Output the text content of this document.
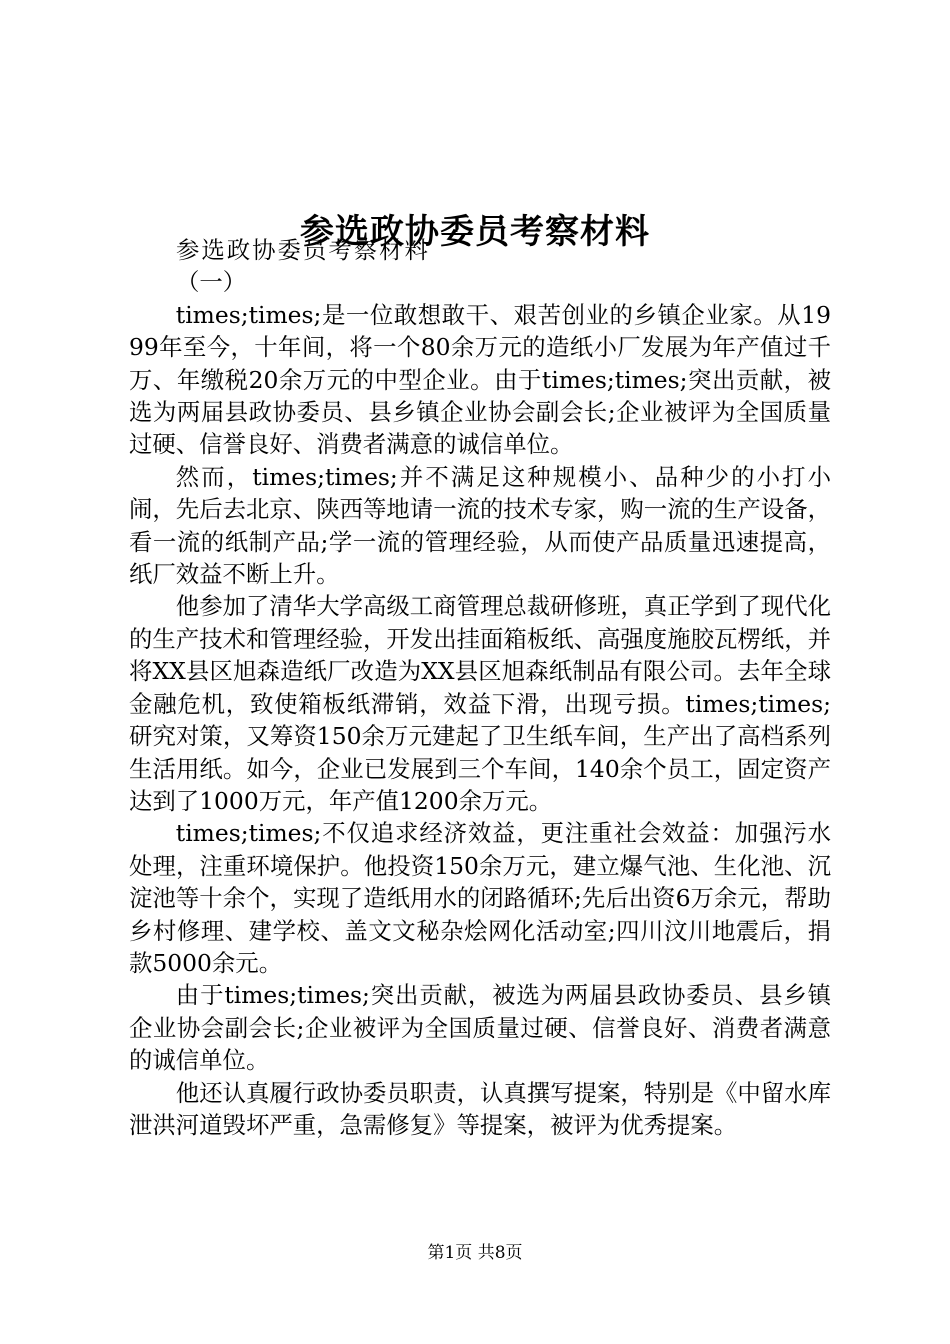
参选政协委员考察材料

参选政协委员考察材料

（一）

times;times;是一位敢想敢干、艰苦创业的乡镇企业家。从1999年至今，十年间，将一个80余万元的造纸小厂发展为年产值过千万、年缴税20余万元的中型企业。由于times;times;突出贡献，被选为两届县政协委员、县乡镇企业协会副会长;企业被评为全国质量过硬、信誉良好、消费者满意的诚信单位。

然而，times;times;并不满足这种规模小、品种少的小打小闹，先后去北京、陕西等地请一流的技术专家，购一流的生产设备，看一流的纸制产品;学一流的管理经验，从而使产品质量迅速提高，纸厂效益不断上升。

他参加了清华大学高级工商管理总裁研修班，真正学到了现代化的生产技术和管理经验，开发出挂面箱板纸、高强度施胶瓦楞纸，并将XX县区旭森造纸厂改造为XX县区旭森纸制品有限公司。去年全球金融危机，致使箱板纸滞销，效益下滑，出现亏损。times;times;研究对策，又筹资150余万元建起了卫生纸车间，生产出了高档系列生活用纸。如今，企业已发展到三个车间，140余个员工，固定资产达到了1000万元，年产值1200余万元。

times;times;不仅追求经济效益，更注重社会效益：加强污水处理，注重环境保护。他投资150余万元，建立爆气池、生化池、沉淀池等十余个，实现了造纸用水的闭路循环;先后出资6万余元，帮助乡村修理、建学校、盖文文秘杂烩网化活动室;四川汶川地震后，捐款5000余元。

由于times;times;突出贡献，被选为两届县政协委员、县乡镇企业协会副会长;企业被评为全国质量过硬、信誉良好、消费者满意的诚信单位。

他还认真履行政协委员职责，认真撰写提案，特别是《中留水库泄洪河道毁坏严重，急需修复》等提案，被评为优秀提案。

第1页 共8页
